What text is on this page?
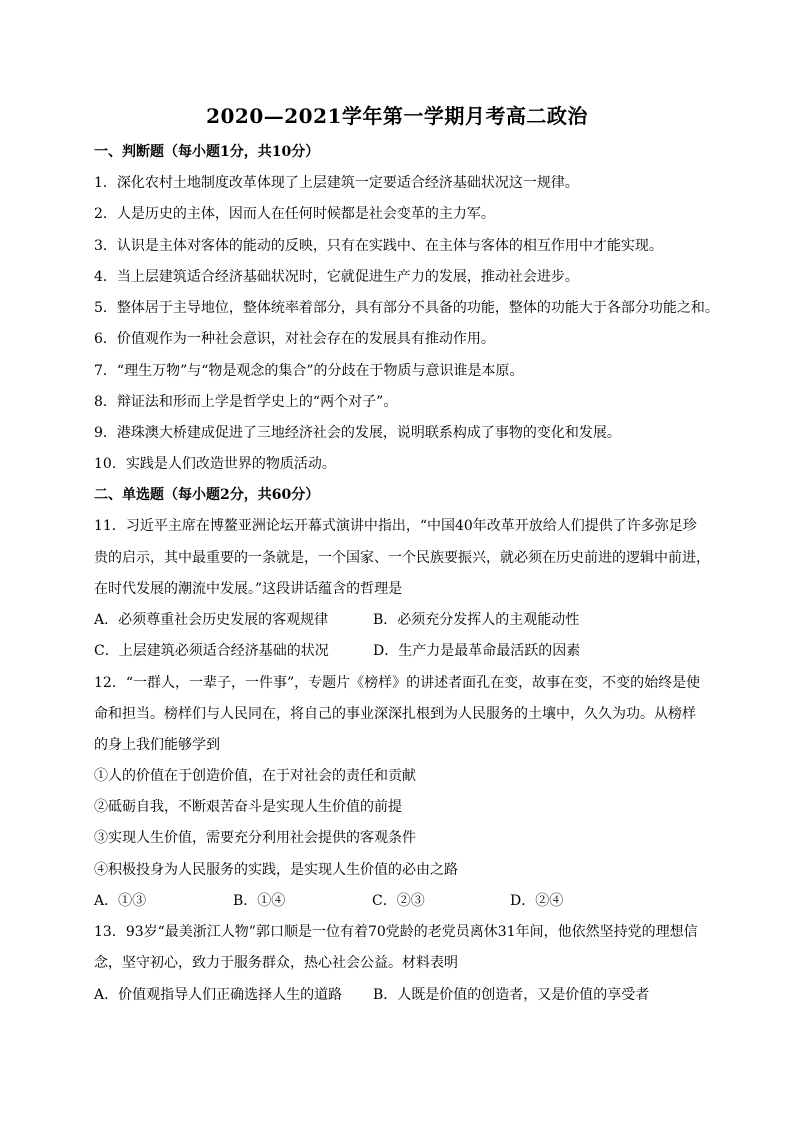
2020—2021学年第一学期月考高二政治
一、判断题（每小题1分，共10分）
1．深化农村土地制度改革体现了上层建筑一定要适合经济基础状况这一规律。
2．人是历史的主体，因而人在任何时候都是社会变革的主力军。
3．认识是主体对客体的能动的反映，只有在实践中、在主体与客体的相互作用中才能实现。
4．当上层建筑适合经济基础状况时，它就促进生产力的发展，推动社会进步。
5．整体居于主导地位，整体统率着部分，具有部分不具备的功能，整体的功能大于各部分功能之和。
6．价值观作为一种社会意识，对社会存在的发展具有推动作用。
7．“理生万物”与“物是观念的集合”的分歧在于物质与意识谁是本原。
8．辩证法和形而上学是哲学史上的“两个对子”。
9．港珠澳大桥建成促进了三地经济社会的发展，说明联系构成了事物的变化和发展。
10．实践是人们改造世界的物质活动。
二、单选题（每小题2分，共60分）
11．习近平主席在博鳌亚洲论坛开幕式演讲中指出，“中国40年改革开放给人们提供了许多弥足珍
贵的启示，其中最重要的一条就是，一个国家、一个民族要振兴，就必须在历史前进的逻辑中前进，
在时代发展的潮流中发展。”这段讲话蕴含的哲理是
A．必须尊重社会历史发展的客观规律	B．必须充分发挥人的主观能动性
C．上层建筑必须适合经济基础的状况	D．生产力是最革命最活跃的因素
12．“一群人，一辈子，一件事”，专题片《榜样》的讲述者面孔在变，故事在变，不变的始终是使
命和担当。榜样们与人民同在，将自己的事业深深扎根到为人民服务的土壤中，久久为功。从榜样
的身上我们能够学到
①人的价值在于创造价值，在于对社会的责任和贡献
②砥砺自我，不断艰苦奋斗是实现人生价值的前提
③实现人生价值，需要充分利用社会提供的客观条件
④积极投身为人民服务的实践，是实现人生价值的必由之路
A．①③	B．①④	C．②③	D．②④
13．93岁“最美浙江人物”郭口顺是一位有着70党龄的老党员离休31年间，他依然坚持党的理想信
念，坚守初心，致力于服务群众，热心社会公益。材料表明
A．价值观指导人们正确选择人生的道路 B．人既是价值的创造者，又是价值的享受者
